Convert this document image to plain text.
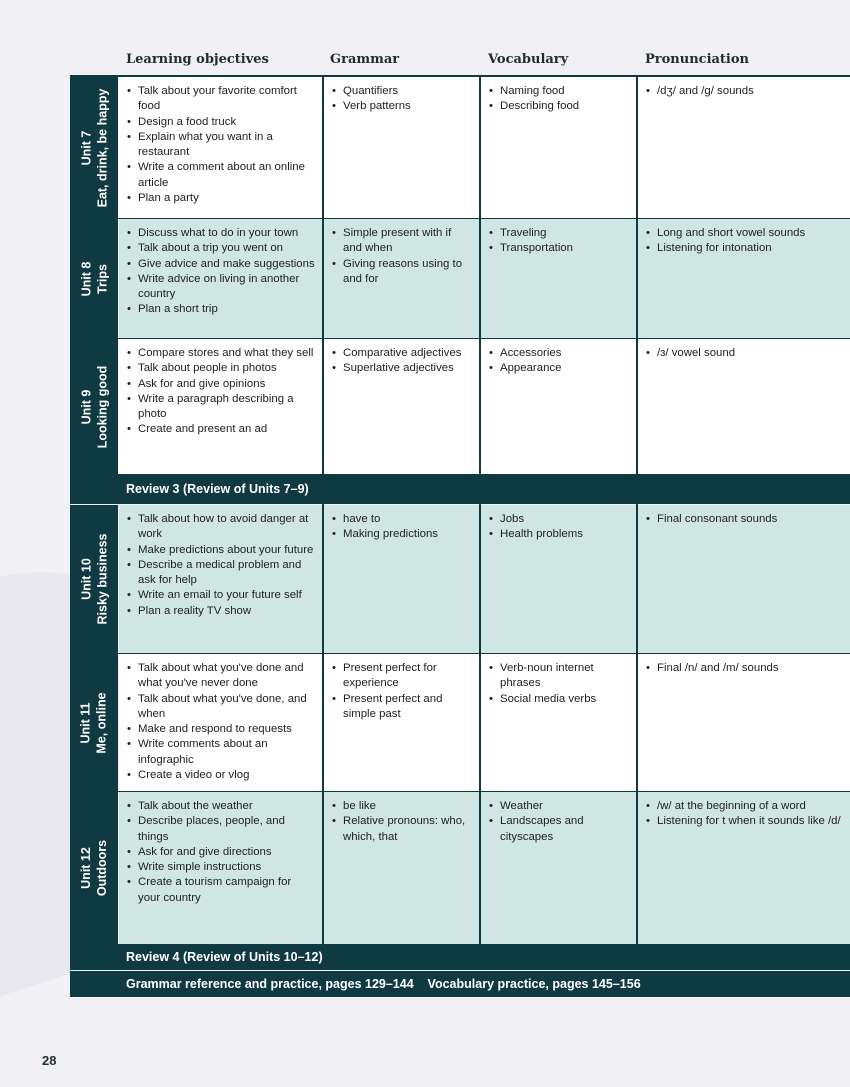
Learning objectives	Grammar	Vocabulary	Pronunciation
Unit 7 Eat, drink, be happy
•	Talk about your favorite comfort food
• Design a food truck
• Explain what you want in a restaurant
• Write a comment about an online article
• Plan a party
• Quantifiers
• Verb patterns
• Naming food
• Describing food
• /dʒ/ and /g/ sounds
Unit 8 Trips
• Discuss what to do in your town
• Talk about a trip you went on
• Give advice and make suggestions
• Write advice on living in another country
• Plan a short trip
• Simple present with if and when
• Giving reasons using to and for
• Traveling
• Transportation
• Long and short vowel sounds
• Listening for intonation
Unit 9 Looking good
• Compare stores and what they sell
• Talk about people in photos
• Ask for and give opinions
• Write a paragraph describing a photo
• Create and present an ad
• Comparative adjectives
• Superlative adjectives
• Accessories
• Appearance
• /ɜ/ vowel sound
Unit 10 Risky business
• Talk about how to avoid danger at work
• Make predictions about your future
• Describe a medical problem and ask for help
• Write an email to your future self
• Plan a reality TV show
• have to
• Making predictions
• Jobs
• Health problems
• Final consonant sounds
Unit 11 Me, online
• Talk about what you've done and what you've never done
• Talk about what you've done, and when
• Make and respond to requests
• Write comments about an infographic
• Create a video or vlog
• Present perfect for experience
• Present perfect and simple past
• Verb-noun internet phrases
• Social media verbs
• Final /n/ and /m/ sounds
Unit 12 Outdoors
• Talk about the weather
• Describe places, people, and things
• Ask for and give directions
• Write simple instructions
• Create a tourism campaign for your country
• be like
• Relative pronouns: who, which, that
• Weather
• Landscapes and cityscapes
• /w/ at the beginning of a word
• Listening for t when it sounds like /d/
Review 3 (Review of Units 7–9)
Review 4 (Review of Units 10–12)
Grammar reference and practice, pages 129–144    Vocabulary practice, pages 145–156
28
